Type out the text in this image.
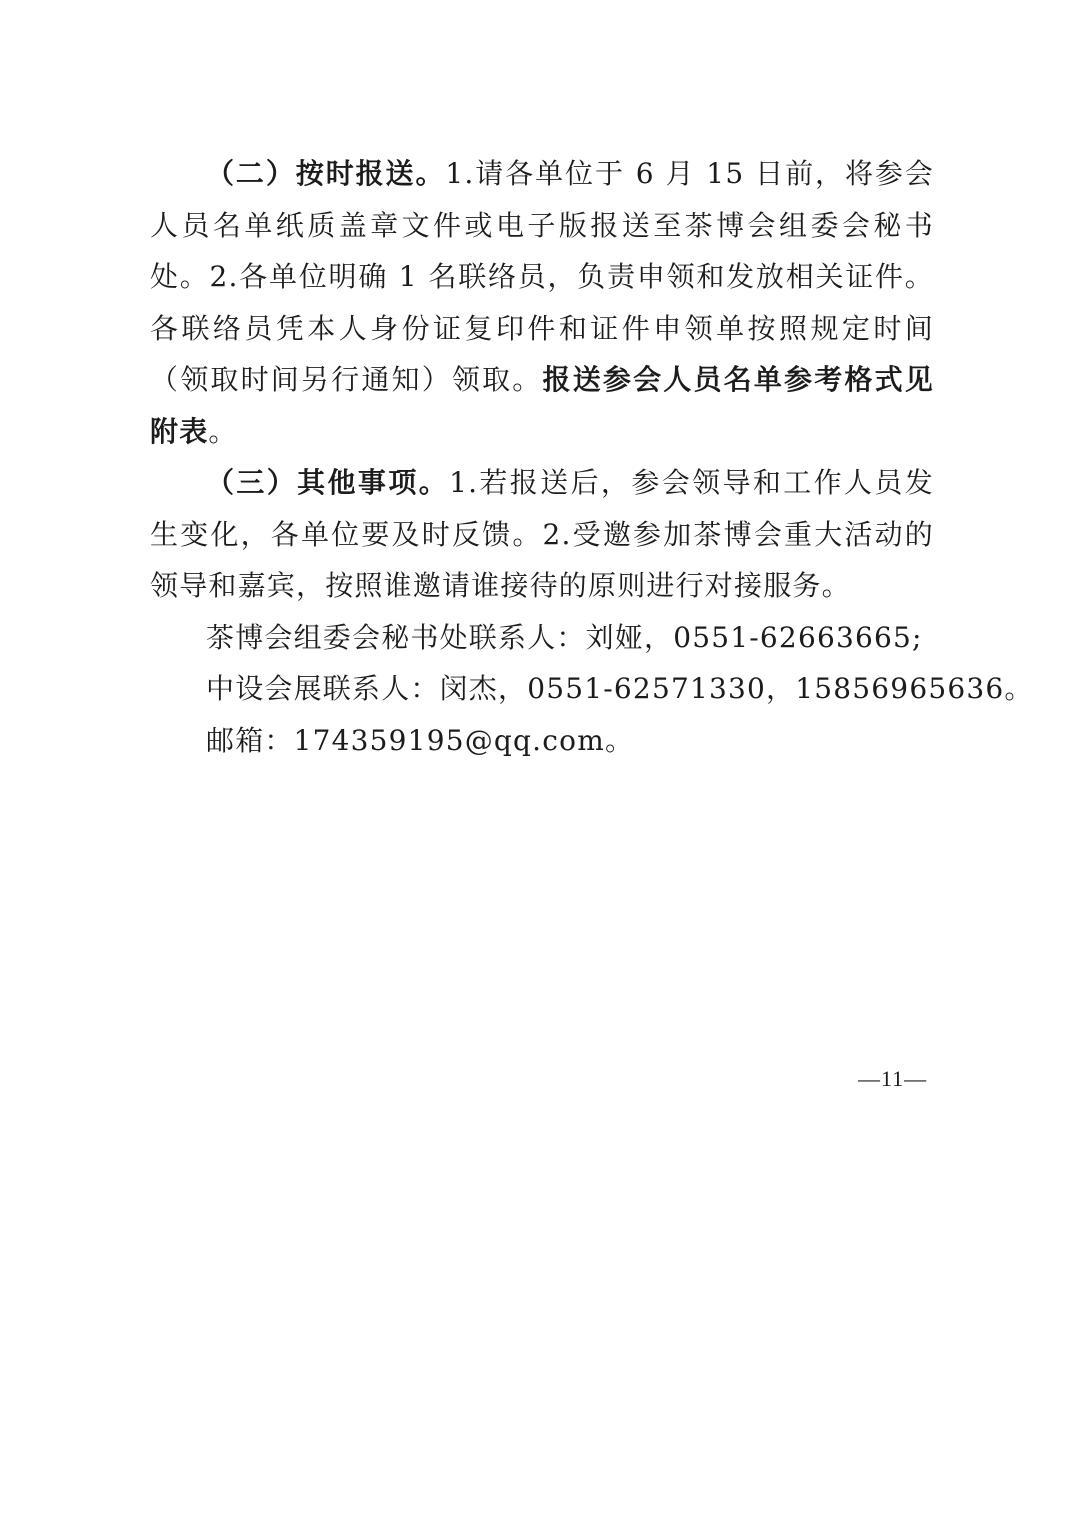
（二）按时报送。1.请各单位于 6 月 15 日前，将参会人员名单纸质盖章文件或电子版报送至茶博会组委会秘书处。2.各单位明确 1 名联络员，负责申领和发放相关证件。各联络员凭本人身份证复印件和证件申领单按照规定时间（领取时间另行通知）领取。报送参会人员名单参考格式见附表。

（三）其他事项。1.若报送后，参会领导和工作人员发生变化，各单位要及时反馈。2.受邀参加茶博会重大活动的领导和嘉宾，按照谁邀请谁接待的原则进行对接服务。

茶博会组委会秘书处联系人：刘娅，0551-62663665;

中设会展联系人：闵杰，0551-62571330，15856965636。

邮箱：174359195@qq.com。

—11—
